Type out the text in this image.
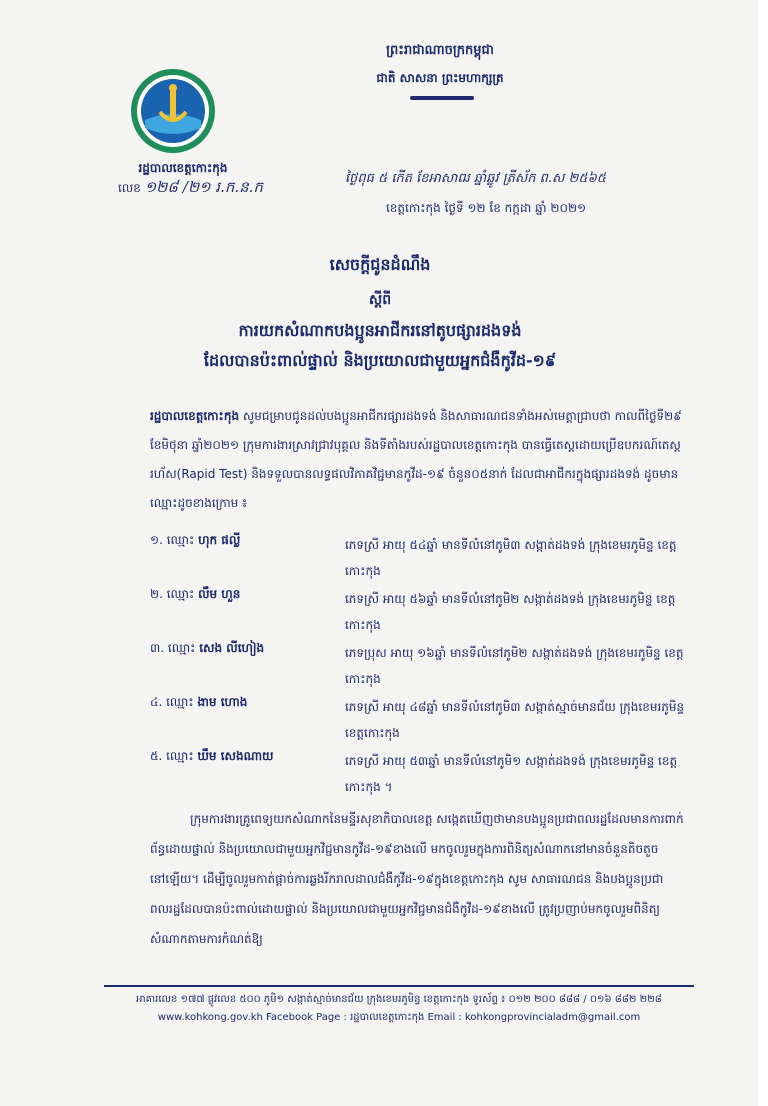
រដ្ឋបាលខេត្តកោះកុង
លេខ ១២៨ /២១ រ.ក.ន.ក
ព្រះរាជាណាចក្រកម្ពុជា
ជាតិ សាសនា ព្រះមហាក្សត្រ
ថ្ងៃពុធ ៥ កើត ខែអាសាឍ ឆ្នាំឆ្លូវ ត្រីស័ក ព.ស ២៥៦៥
ខេត្តកោះកុង ថ្ងៃទី ១២ ខែ កក្កដា ឆ្នាំ ២០២១
សេចក្តីជូនដំណឹង
ស្តីពី
ការយកសំណាកបងប្អូនអាជីករនៅតូបផ្សារដងទង់
ដែលបានប៉ះពាល់ផ្ទាល់ និងប្រយោលជាមួយអ្នកជំងឺកូវីដ-១៩
រដ្ឋបាលខេត្តកោះកុង សូមជម្រាបជូនដល់បងប្អូនអាជីករផ្សារដងទង់ និងសាធារណជនទាំងអស់មេត្តាជ្រាបថា កាលពីថ្ងៃទី២៩ ខែមិថុនា ឆ្នាំ២០២១ ក្រុមការងារស្រាវជ្រាវបុគ្គល និងទីតាំងរបស់រដ្ឋបាលខេត្តកោះកុង បានធ្វើតេស្តដោយប្រើឧបករណ៍តេស្តរហ័ស(Rapid Test) និងទទួលបានលទ្ធផលវិភាគវិជ្ជមានកូវីដ-១៩ ចំនួន០៥នាក់ ដែលជាអាជីករក្នុងផ្សារដងទង់ ដូចមានឈ្មោះដូចខាងក្រោម ៖
១. ឈ្មោះ ហុក ផល្លី	ភេទស្រី អាយុ ៥៤ឆ្នាំ មានទីលំនៅភូមិ៣ សង្កាត់ដងទង់ ក្រុងខេមរភូមិន្ទ ខេត្តកោះកុង
២. ឈ្មោះ លឹម ហួន	ភេទស្រី អាយុ ៥៦ឆ្នាំ មានទីលំនៅភូមិ២ សង្កាត់ដងទង់ ក្រុងខេមរភូមិន្ទ ខេត្តកោះកុង
៣. ឈ្មោះ សេង លីហៀង	ភេទប្រុស អាយុ ១៦ឆ្នាំ មានទីលំនៅភូមិ២ សង្កាត់ដងទង់ ក្រុងខេមរភូមិន្ទ ខេត្តកោះកុង
៤. ឈ្មោះ ងាម ហោង	ភេទស្រី អាយុ ៤៨ឆ្នាំ មានទីលំនៅភូមិ៣ សង្កាត់ស្មាច់មានជ័យ ក្រុងខេមរភូមិន្ទ ខេត្តកោះកុង
៥. ឈ្មោះ ឃឹម សេងណាយ	ភេទស្រី អាយុ ៥៣ឆ្នាំ មានទីលំនៅភូមិ១ សង្កាត់ដងទង់ ក្រុងខេមរភូមិន្ទ ខេត្តកោះកុង ។
ក្រុមការងារគ្រូពេទ្យយកសំណាកនៃមន្ទីរសុខាភិបាលខេត្ត សង្កេតឃើញថាមានបងប្អូនប្រជាពលរដ្ឋដែលមានការពាក់ព័ន្ធដោយផ្ទាល់ និងប្រយោលជាមួយអ្នកវិជ្ជមានកូវីដ-១៩ខាងលើ មកចូលរួមក្នុងការពិនិត្យសំណាកនៅមានចំនួនតិចតួចនៅឡើយ។ ដើម្បីចូលរួមកាត់ផ្តាច់ការឆ្លងរីករាលដាលជំងឺកូវីដ-១៩ក្នុងខេត្តកោះកុង សូម សាធារណជន និងបងប្អូនប្រជាពលរដ្ឋដែលបានប៉ះពាល់ដោយផ្ទាល់ និងប្រយោលជាមួយអ្នកវិជ្ជមានជំងឺកូវីដ-១៩ខាងលើ ត្រូវប្រញាប់មកចូលរួមពិនិត្យសំណាកតាមការកំណត់ឱ្យ
អាគារលេខ ១៧៧ ផ្លូវលេខ ៥០០ ភូមិ១ សង្កាត់ស្មាច់មានជ័យ ក្រុងខេមរភូមិន្ទ ខេត្តកោះកុង ទូរស័ព្ទ ៖ ០១២ ២០០ ៨៨៨ / ០១៦ ៨៨២ ២២៨
www.kohkong.gov.kh Facebook Page : រដ្ឋបាលខេត្តកោះកុង Email : kohkongprovincialadm@gmail.com
